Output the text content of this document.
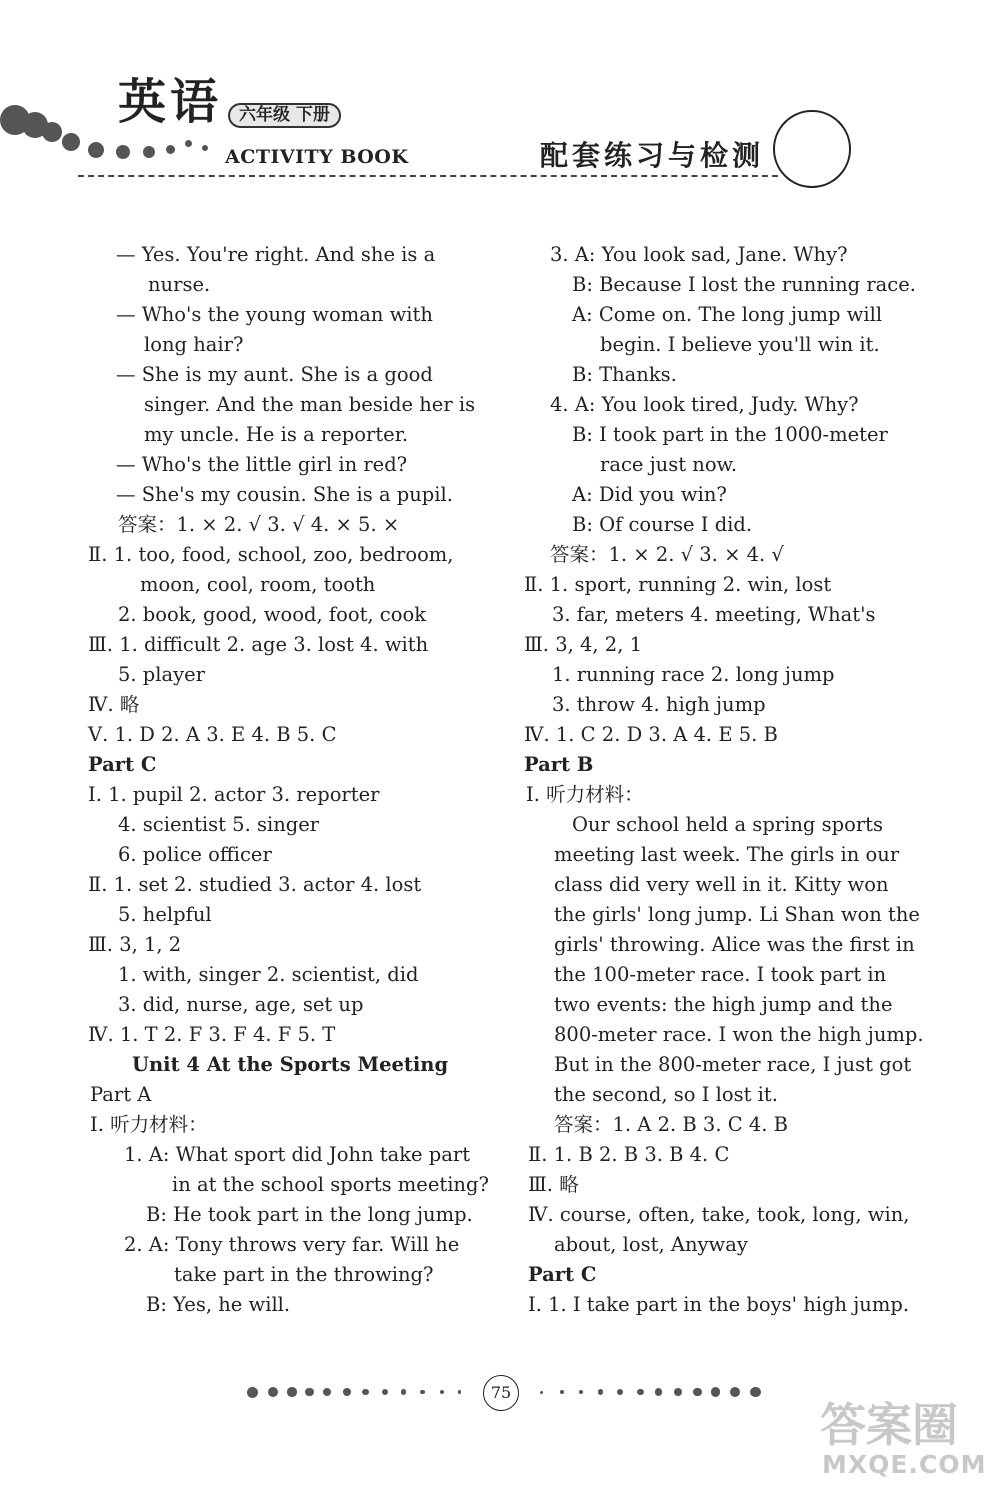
英语 六年级 下册
ACTIVITY BOOK	配套练习与检测
— Yes. You're right. And she is a
nurse.
— Who's the young woman with
long hair?
— She is my aunt. She is a good
singer. And the man beside her is
my uncle. He is a reporter.
— Who's the little girl in red?
— She's my cousin. She is a pupil.
答案：1. × 2. √ 3. √ 4. × 5. ×
Ⅱ. 1. too, food, school, zoo, bedroom,
moon, cool, room, tooth
2. book, good, wood, foot, cook
Ⅲ. 1. difficult 2. age 3. lost 4. with
5. player
Ⅳ. 略
Ⅴ. 1. D 2. A 3. E 4. B 5. C
Part C
Ⅰ. 1. pupil 2. actor 3. reporter
4. scientist 5. singer
6. police officer
Ⅱ. 1. set 2. studied 3. actor 4. lost
5. helpful
Ⅲ. 3, 1, 2
1. with, singer 2. scientist, did
3. did, nurse, age, set up
Ⅳ. 1. T 2. F 3. F 4. F 5. T
Unit 4 At the Sports Meeting
Part A
Ⅰ. 听力材料：
1. A: What sport did John take part
in at the school sports meeting?
B: He took part in the long jump.
2. A: Tony throws very far. Will he
take part in the throwing?
B: Yes, he will.
3. A: You look sad, Jane. Why?
B: Because I lost the running race.
A: Come on. The long jump will
begin. I believe you'll win it.
B: Thanks.
4. A: You look tired, Judy. Why?
B: I took part in the 1000-meter
race just now.
A: Did you win?
B: Of course I did.
答案：1. × 2. √ 3. × 4. √
Ⅱ. 1. sport, running 2. win, lost
3. far, meters 4. meeting, What's
Ⅲ. 3, 4, 2, 1
1. running race 2. long jump
3. throw 4. high jump
Ⅳ. 1. C 2. D 3. A 4. E 5. B
Part B
Ⅰ. 听力材料：
Our school held a spring sports
meeting last week. The girls in our
class did very well in it. Kitty won
the girls' long jump. Li Shan won the
girls' throwing. Alice was the first in
the 100-meter race. I took part in
two events: the high jump and the
800-meter race. I won the high jump.
But in the 800-meter race, I just got
the second, so I lost it.
答案：1. A 2. B 3. C 4. B
Ⅱ. 1. B 2. B 3. B 4. C
Ⅲ. 略
Ⅳ. course, often, take, took, long, win,
about, lost, Anyway
Part C
Ⅰ. 1. I take part in the boys' high jump.
75
答案圈
MXQE.COM
